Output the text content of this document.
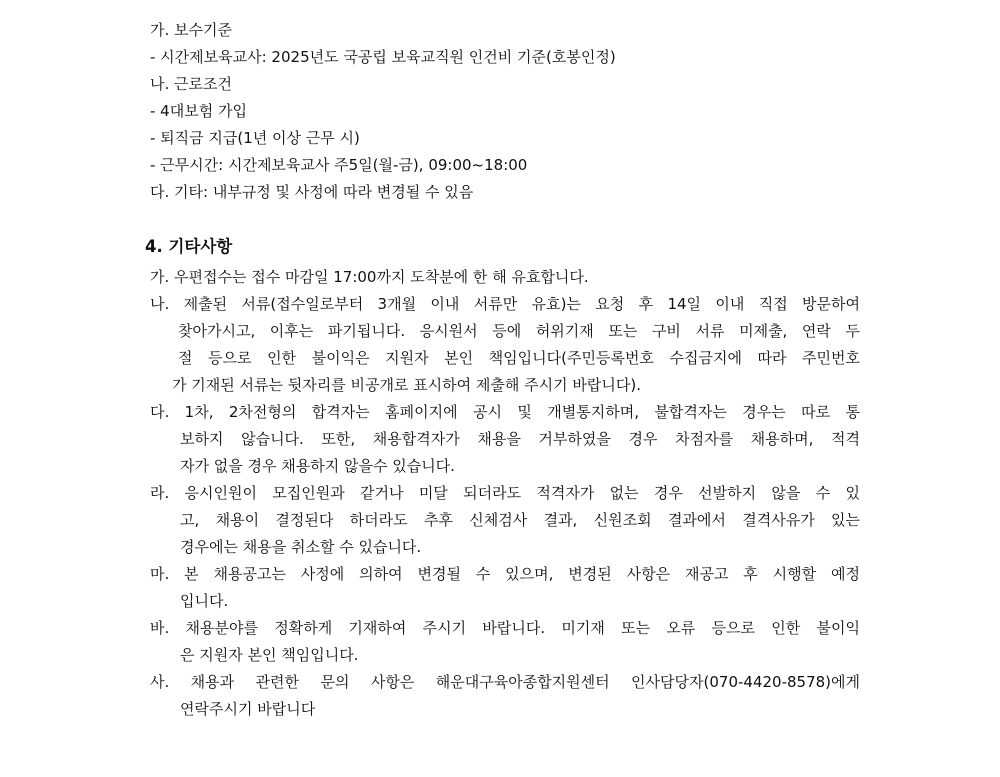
가. 보수기준
- 시간제보육교사: 2025년도 국공립 보육교직원 인건비 기준(호봉인정)
나. 근로조건
- 4대보험 가입
- 퇴직금 지급(1년 이상 근무 시)
- 근무시간: 시간제보육교사 주5일(월-금), 09:00~18:00
다. 기타: 내부규정 및 사정에 따라 변경될 수 있음
4. 기타사항
가. 우편접수는 접수 마감일 17:00까지 도착분에 한 해 유효합니다.
나. 제출된 서류(접수일로부터 3개월 이내 서류만 유효)는 요청 후 14일 이내 직접 방문하여
찾아가시고, 이후는 파기됩니다. 응시원서 등에 허위기재 또는 구비 서류 미제출, 연락 두
절 등으로 인한 불이익은 지원자 본인 책임입니다(주민등록번호 수집금지에 따라 주민번호
가 기재된 서류는 뒷자리를 비공개로 표시하여 제출해 주시기 바랍니다).
다. 1차, 2차전형의 합격자는 홈페이지에 공시 및 개별통지하며, 불합격자는 경우는 따로 통
보하지 않습니다. 또한, 채용합격자가 채용을 거부하였을 경우 차점자를 채용하며, 적격
자가 없을 경우 채용하지 않을수 있습니다.
라. 응시인원이 모집인원과 같거나 미달 되더라도 적격자가 없는 경우 선발하지 않을 수 있
고, 채용이 결정된다 하더라도 추후 신체검사 결과, 신원조회 결과에서 결격사유가 있는
경우에는 채용을 취소할 수 있습니다.
마. 본 채용공고는 사정에 의하여 변경될 수 있으며, 변경된 사항은 재공고 후 시행할 예정
입니다.
바. 채용분야를 정확하게 기재하여 주시기 바랍니다. 미기재 또는 오류 등으로 인한 불이익
은 지원자 본인 책임입니다.
사. 채용과 관련한 문의 사항은 해운대구육아종합지원센터 인사담당자(070-4420-8578)에게
연락주시기 바랍니다
